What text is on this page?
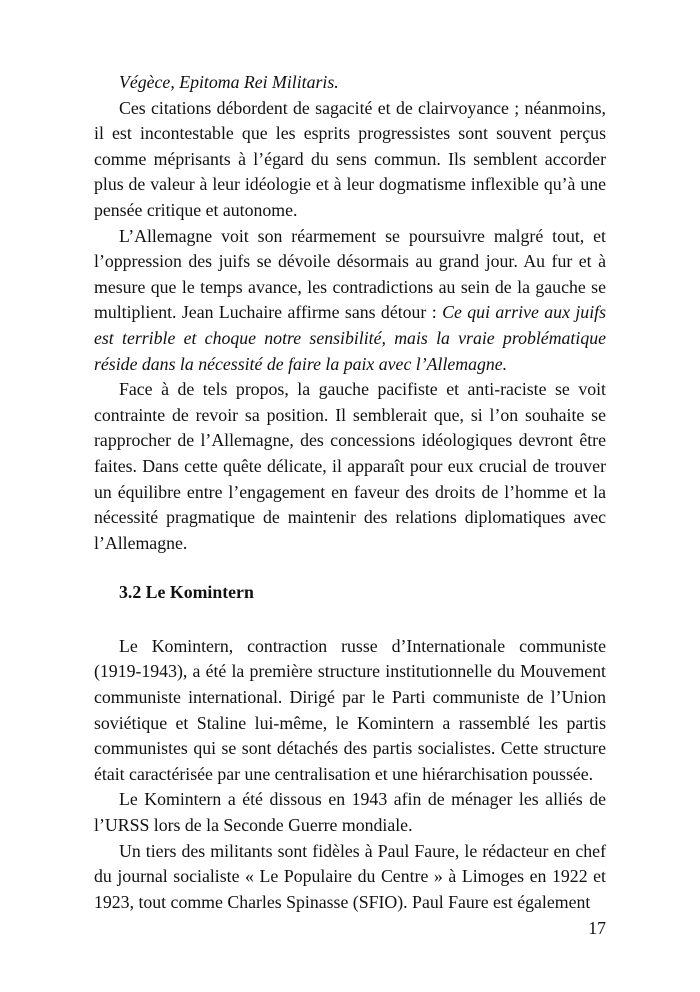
Végèce, Epitoma Rei Militaris.

Ces citations débordent de sagacité et de clairvoyance ; néanmoins, il est incontestable que les esprits progressistes sont souvent perçus comme méprisants à l’égard du sens commun. Ils semblent accorder plus de valeur à leur idéologie et à leur dogmatisme inflexible qu’à une pensée critique et autonome.

L’Allemagne voit son réarmement se poursuivre malgré tout, et l’oppression des juifs se dévoile désormais au grand jour. Au fur et à mesure que le temps avance, les contradictions au sein de la gauche se multiplient. Jean Luchaire affirme sans détour : Ce qui arrive aux juifs est terrible et choque notre sensibilité, mais la vraie problématique réside dans la nécessité de faire la paix avec l’Allemagne.

Face à de tels propos, la gauche pacifiste et anti-raciste se voit contrainte de revoir sa position. Il semblerait que, si l’on souhaite se rapprocher de l’Allemagne, des concessions idéologiques devront être faites. Dans cette quête délicate, il apparaît pour eux crucial de trouver un équilibre entre l’engagement en faveur des droits de l’homme et la nécessité pragmatique de maintenir des relations diplomatiques avec l’Allemagne.

3.2 Le Komintern

Le Komintern, contraction russe d’Internationale communiste (1919-1943), a été la première structure institutionnelle du Mouvement communiste international. Dirigé par le Parti communiste de l’Union soviétique et Staline lui-même, le Komintern a rassemblé les partis communistes qui se sont détachés des partis socialistes. Cette structure était caractérisée par une centralisation et une hiérarchisation poussée.

Le Komintern a été dissous en 1943 afin de ménager les alliés de l’URSS lors de la Seconde Guerre mondiale.

Un tiers des militants sont fidèles à Paul Faure, le rédacteur en chef du journal socialiste « Le Populaire du Centre » à Limoges en 1922 et 1923, tout comme Charles Spinasse (SFIO). Paul Faure est également

17
